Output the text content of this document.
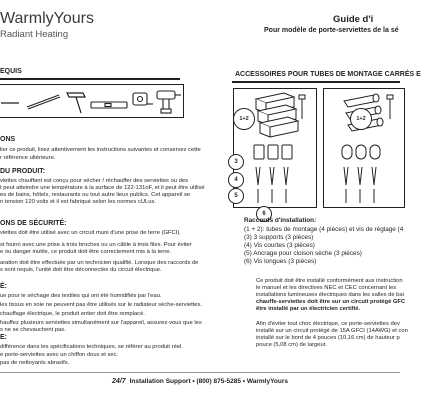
WarmlyYours
Radiant Heating
Guide d'i
Pour modèle de porte-serviettes de la sé
EQUIS
ONS
lier ce produit, lisez attentivement les instructions suivantes et conservez cette
r référence ultérieure.
DU PRODUIT:
viettes chauffant est conçu pour sécher / réchauffer des serviettes ou des
t peut atteindre une température à la surface de 122-131oF, et il peut être utilisé
es de bains, hôtels, restaurants ou tout autre lieux publics. Cet appareil se
n tension 120 volts et il est fabriqué selon les normes cULus.
ONS DE SÉCURITÉ:
viettes doit être utilisé avec un circuit muni d'une prise de terre (GFCI).
st fourni avec une prise à trois broches ou un câble à trois files. Pour éviter
e ou danger inutile, ce produit doit être correctement mis à la terre.
aration doit être effectuée par un technicien qualifié. Lorsque des raccords de
s sont requis, l'unité doit être déconnectée du circuit électrique.
É:
ue pour le séchage des textiles qui ont été humidifiés par l'eau.
les tissus en soie ne peuvent pas être utilisés sur le radiateur sèche-serviettes.
chauffage électrique, le produit entier doit être remplacé.
hauffez plusieurs serviettes simultanément sur l'appareil, assurez-vous que les
s ne se chevauchent pas.
E:
différence dans les spécifications techniques, se référer au produit réel.
e porte-serviettes avec un chiffon doux et sec.
pas de nettoyants abrasifs.
ACCESSOIRES POUR TUBES DE MONTAGE CARRÉS E
1+2
3
4
5
6
1+2
Raccords d'installation:
(1 + 2): tubes de montage (4 pièces) et vis de réglage (4
(3) 3 supports (3 pièces)
(4) Vis courtes (3 pièces)
(5) Ancrage pour cloison sèche (3 pièces)
(6) Vis longues (3 pièces)
Ce produit doit être installé conformément aux instruction
le manuel et les directives NEC et CEC concernant les
installations lumineuses électriques dans les salles de bai
chauffe-serviettes doit être sur un circuit protégé GFC
être installé par un électricien certifié.
Afin d'éviter tout choc électrique, ce porte-serviettes dev
installé sur un circuit protégé de 15A GFCI (14AWG) et con
installé sur le bord de 4 pouces (10,16 cm) de hauteur p
pouce (5,08 cm) de largeur.
24/7 Installation Support • (800) 875-5285 • WarmlyYours
